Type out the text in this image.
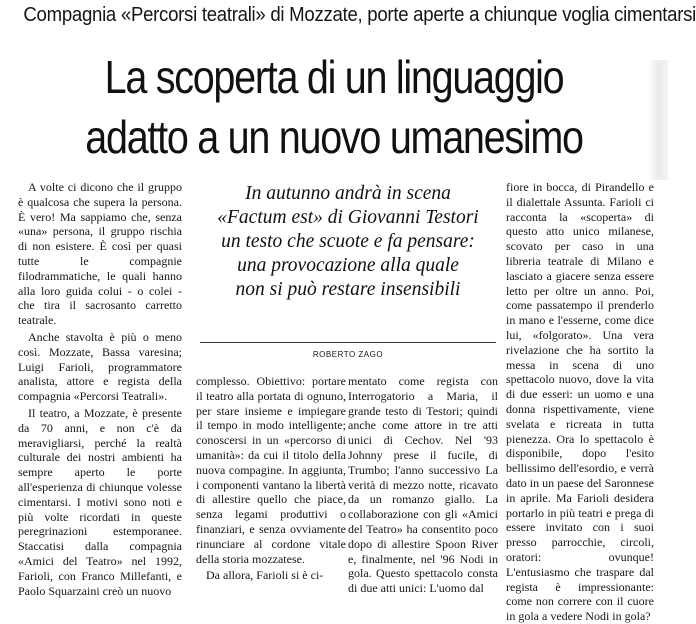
Compagnia «Percorsi teatrali» di Mozzate, porte aperte a chiunque voglia cimentarsi
La scoperta di un linguaggio
adatto a un nuovo umanesimo

A volte ci dicono che il gruppo è qualcosa che supera la persona. È vero! Ma sappiamo che, senza «una» persona, il gruppo rischia di non esistere. È così per quasi tutte le compagnie filodrammatiche, le quali hanno alla loro guida colui - o colei - che tira il sacrosanto carretto teatrale.

Anche stavolta è più o meno così. Mozzate, Bassa varesina; Luigi Farioli, programmatore analista, attore e regista della compagnia «Percorsi Teatrali».

Il teatro, a Mozzate, è presente da 70 anni, e non c'è da meravigliarsi, perché la realtà culturale dei nostri ambienti ha sempre aperto le porte all'esperienza di chiunque volesse cimentarsi. I motivi sono noti e più volte ricordati in queste peregrinazioni estemporanee. Staccatisi dalla compagnia «Amici del Teatro» nel 1992, Farioli, con Franco Millefanti, e Paolo Squarzaini creò un nuovo

In autunno andrà in scena
«Factum est» di Giovanni Testori
un testo che scuote e fa pensare:
una provocazione alla quale
non si può restare insensibili
ROBERTO ZAGO

complesso. Obiettivo: portare il teatro alla portata di ognuno, per stare insieme e impiegare il tempo in modo intelligente; conoscersi in un «percorso di umanità»: da cui il titolo della nuova compagine. In aggiunta, i componenti vantano la libertà di allestire quello che piace, senza legami produttivi o finanziari, e senza ovviamente rinunciare al cordone vitale della storia mozzatese.

Da allora, Farioli si è ci-

mentato come regista con Interrogatorio a Maria, il grande testo di Testori; quindi anche come attore in tre atti unici di Cechov. Nel '93 Johnny prese il fucile, di Trumbo; l'anno successivo La verità di mezzo notte, ricavato da un romanzo giallo. La collaborazione con gli «Amici del Teatro» ha consentito poco dopo di allestire Spoon River e, finalmente, nel '96 Nodi in gola. Questo spettacolo consta di due atti unici: L'uomo dal

fiore in bocca, di Pirandello e il dialettale Assunta. Farioli ci racconta la «scoperta» di questo atto unico milanese, scovato per caso in una libreria teatrale di Milano e lasciato a giacere senza essere letto per oltre un anno. Poi, come passatempo il prenderlo in mano e l'esserne, come dice lui, «folgorato». Una vera rivelazione che ha sortito la messa in scena di uno spettacolo nuovo, dove la vita di due esseri: un uomo e una donna rispettivamente, viene svelata e ricreata in tutta pienezza. Ora lo spettacolo è disponibile, dopo l'esito bellissimo dell'esordio, e verrà dato in un paese del Saronnese in aprile. Ma Farioli desidera portarlo in più teatri e prega di essere invitato con i suoi presso parrocchie, circoli, oratori: ovunque! L'entusiasmo che traspare dal regista è impressionante: come non correre con il cuore in gola a vedere Nodi in gola?
